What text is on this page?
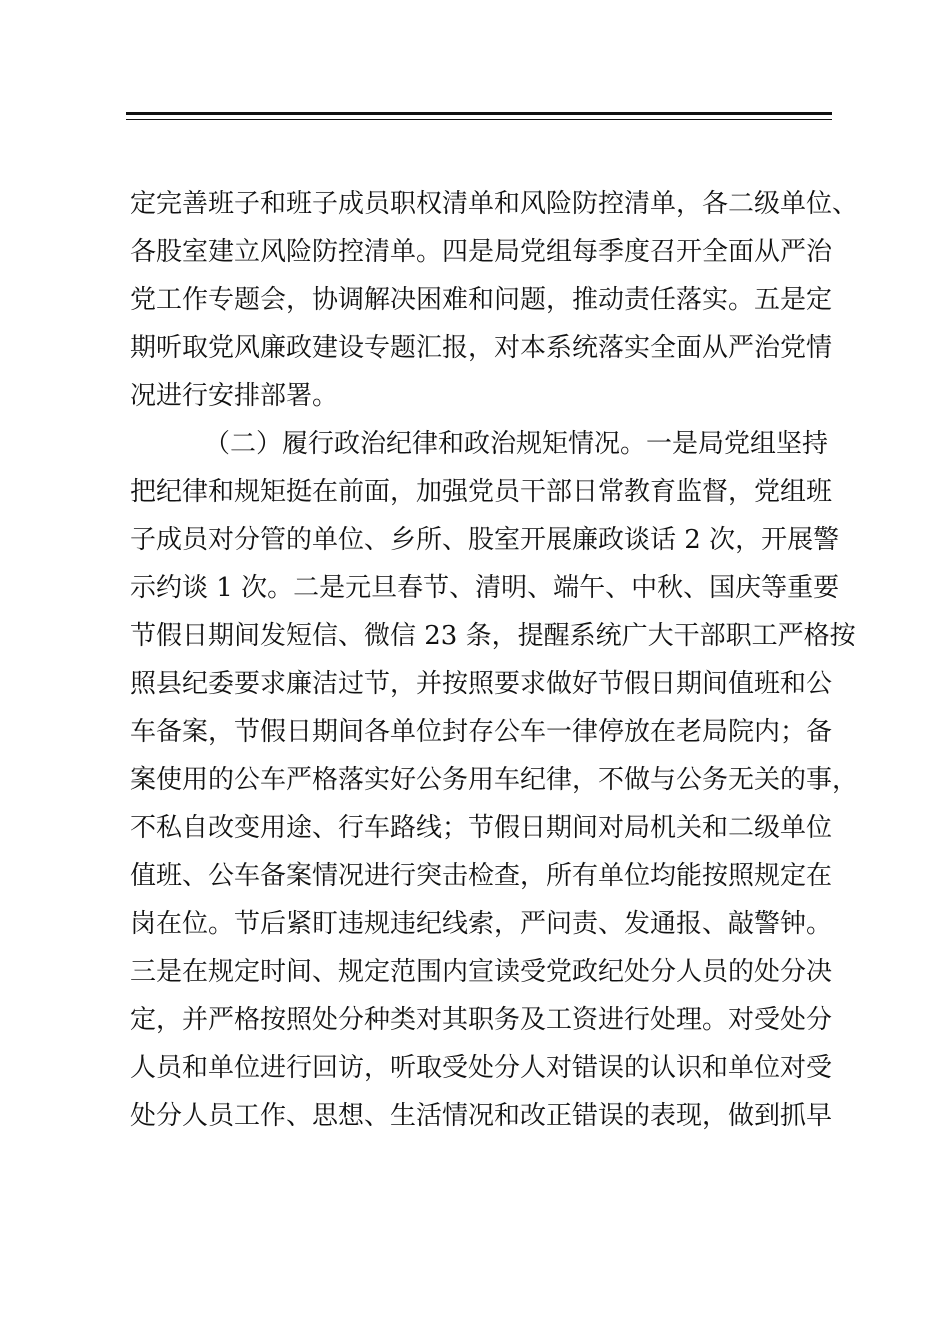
定完善班子和班子成员职权清单和风险防控清单，各二级单位、
各股室建立风险防控清单。四是局党组每季度召开全面从严治
党工作专题会，协调解决困难和问题，推动责任落实。五是定
期听取党风廉政建设专题汇报，对本系统落实全面从严治党情
况进行安排部署。
（二）履行政治纪律和政治规矩情况。一是局党组坚持
把纪律和规矩挺在前面，加强党员干部日常教育监督，党组班
子成员对分管的单位、乡所、股室开展廉政谈话 2 次，开展警
示约谈 1 次。二是元旦春节、清明、端午、中秋、国庆等重要
节假日期间发短信、微信 23 条，提醒系统广大干部职工严格按
照县纪委要求廉洁过节，并按照要求做好节假日期间值班和公
车备案，节假日期间各单位封存公车一律停放在老局院内；备
案使用的公车严格落实好公务用车纪律，不做与公务无关的事，
不私自改变用途、行车路线；节假日期间对局机关和二级单位
值班、公车备案情况进行突击检查，所有单位均能按照规定在
岗在位。节后紧盯违规违纪线索，严问责、发通报、敲警钟。
三是在规定时间、规定范围内宣读受党政纪处分人员的处分决
定，并严格按照处分种类对其职务及工资进行处理。对受处分
人员和单位进行回访，听取受处分人对错误的认识和单位对受
处分人员工作、思想、生活情况和改正错误的表现，做到抓早
